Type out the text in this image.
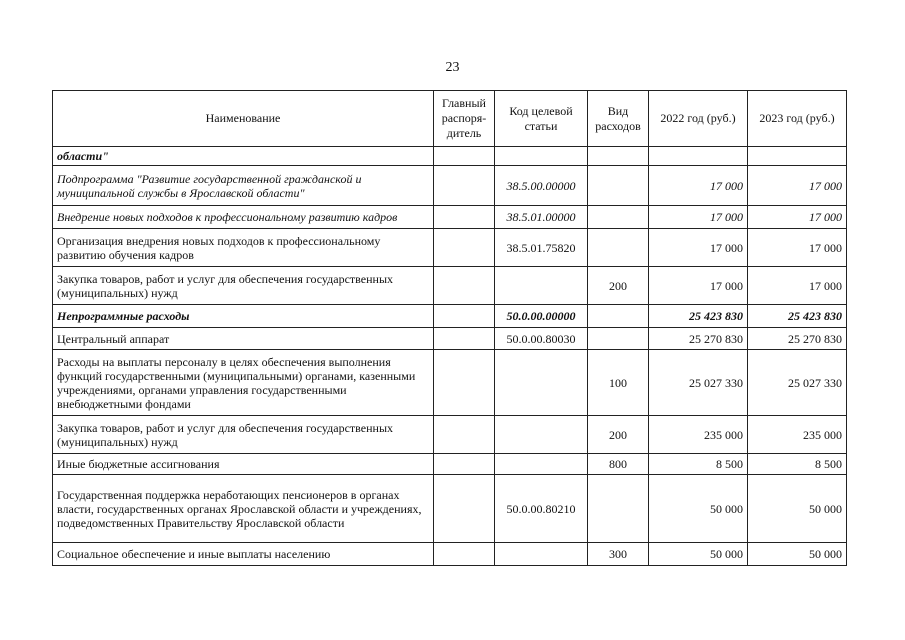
23
Наименование	Главный распоря-дитель	Код целевой статьи	Вид расходов	2022 год (руб.)	2023 год (руб.)
области"					
Подпрограмма "Развитие государственной гражданской и муниципальной службы в Ярославской области"		38.5.00.00000		17 000	17 000
Внедрение новых подходов к профессиональному развитию кадров		38.5.01.00000		17 000	17 000
Организация внедрения новых подходов к профессиональному развитию обучения кадров		38.5.01.75820		17 000	17 000
Закупка товаров, работ и услуг для обеспечения государственных (муниципальных) нужд			200	17 000	17 000
Непрограммные расходы		50.0.00.00000		25 423 830	25 423 830
Центральный аппарат		50.0.00.80030		25 270 830	25 270 830
Расходы на выплаты персоналу в целях обеспечения выполнения функций государственными (муниципальными) органами, казенными учреждениями, органами управления государственными внебюджетными фондами			100	25 027 330	25 027 330
Закупка товаров, работ и услуг для обеспечения государственных (муниципальных) нужд			200	235 000	235 000
Иные бюджетные ассигнования			800	8 500	8 500
Государственная поддержка неработающих пенсионеров в органах власти, государственных органах Ярославской области и учреждениях, подведомственных Правительству Ярославской области		50.0.00.80210		50 000	50 000
Социальное обеспечение и иные выплаты населению			300	50 000	50 000
